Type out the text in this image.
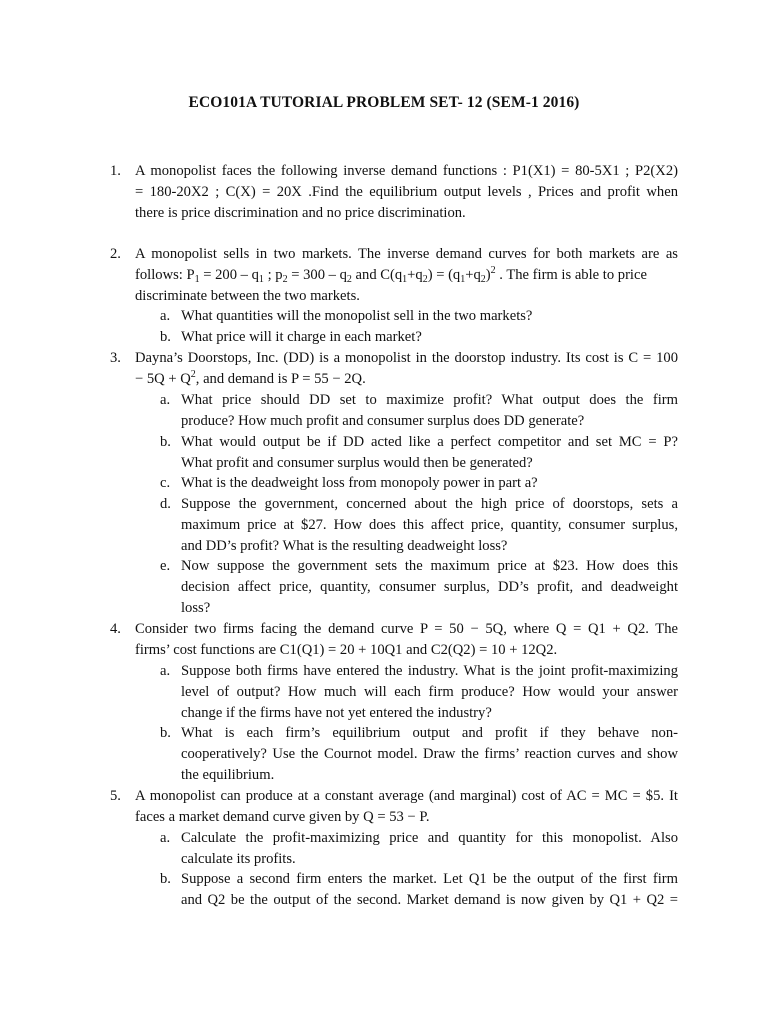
ECO101A TUTORIAL PROBLEM SET- 12 (SEM-1 2016)
1. A monopolist faces the following inverse demand functions : P1(X1) = 80-5X1 ; P2(X2)
= 180-20X2 ; C(X) = 20X .Find the equilibrium output levels , Prices and profit when
there is price discrimination and no price discrimination.
2. A monopolist sells in two markets. The inverse demand curves for both markets are as
follows: $P_1 = 200 - q_1$ ; $p_2 = 300 - q_2$ and $C(q_1+q_2) = (q_1+q_2)^2$ . The firm is able to price
discriminate between the two markets.
a. What quantities will the monopolist sell in the two markets?
b. What price will it charge in each market?
3. Dayna’s Doorstops, Inc. (DD) is a monopolist in the doorstop industry. Its cost is C = 100
− $5Q + Q^2$, and demand is P = 55 − 2Q.
a. What price should DD set to maximize profit? What output does the firm
produce? How much profit and consumer surplus does DD generate?
b. What would output be if DD acted like a perfect competitor and set MC = P?
What profit and consumer surplus would then be generated?
c. What is the deadweight loss from monopoly power in part a?
d. Suppose the government, concerned about the high price of doorstops, sets a
maximum price at $27. How does this affect price, quantity, consumer surplus,
and DD’s profit? What is the resulting deadweight loss?
e. Now suppose the government sets the maximum price at $23. How does this
decision affect price, quantity, consumer surplus, DD’s profit, and deadweight
loss?
4. Consider two firms facing the demand curve P = 50 − 5Q, where Q = Q1 + Q2. The
firms’ cost functions are C1(Q1) = 20 + 10Q1 and C2(Q2) = 10 + 12Q2.
a. Suppose both firms have entered the industry. What is the joint profit-maximizing
level of output? How much will each firm produce? How would your answer
change if the firms have not yet entered the industry?
b. What is each firm’s equilibrium output and profit if they behave non-
cooperatively? Use the Cournot model. Draw the firms’ reaction curves and show
the equilibrium.
5. A monopolist can produce at a constant average (and marginal) cost of AC = MC = $5. It
faces a market demand curve given by Q = 53 − P.
a. Calculate the profit-maximizing price and quantity for this monopolist. Also
calculate its profits.
b. Suppose a second firm enters the market. Let Q1 be the output of the first firm
and Q2 be the output of the second. Market demand is now given by Q1 + Q2 =
